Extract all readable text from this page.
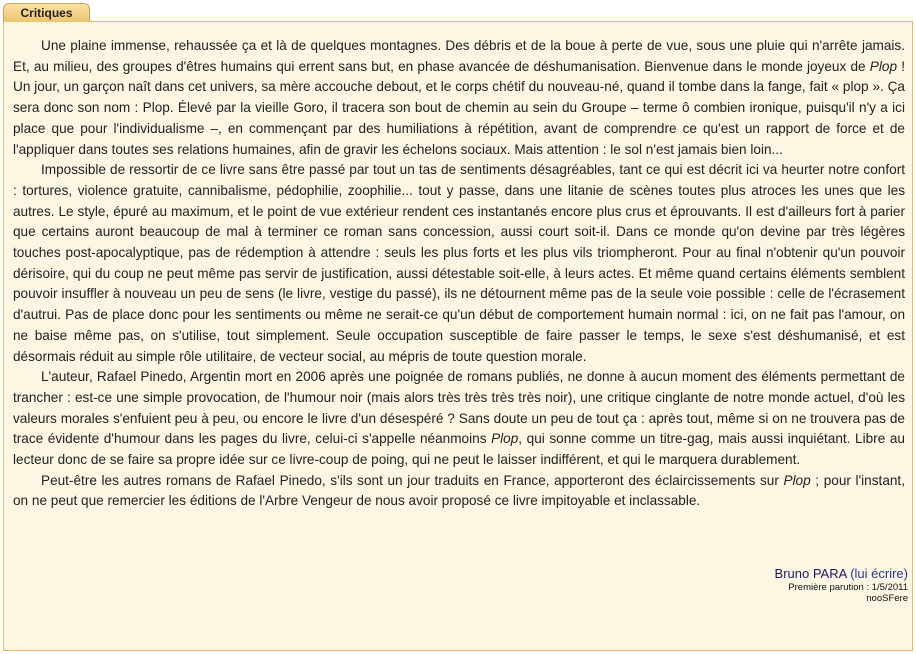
Critiques

Une plaine immense, rehaussée ça et là de quelques montagnes. Des débris et de la boue à perte de vue, sous une pluie qui n'arrête jamais. Et, au milieu, des groupes d'êtres humains qui errent sans but, en phase avancée de déshumanisation. Bienvenue dans le monde joyeux de Plop ! Un jour, un garçon naît dans cet univers, sa mère accouche debout, et le corps chétif du nouveau-né, quand il tombe dans la fange, fait « plop ». Ça sera donc son nom : Plop. Élevé par la vieille Goro, il tracera son bout de chemin au sein du Groupe – terme ô combien ironique, puisqu'il n'y a ici place que pour l'individualisme –, en commençant par des humiliations à répétition, avant de comprendre ce qu'est un rapport de force et de l'appliquer dans toutes ses relations humaines, afin de gravir les échelons sociaux. Mais attention : le sol n'est jamais bien loin...

Impossible de ressortir de ce livre sans être passé par tout un tas de sentiments désagréables, tant ce qui est décrit ici va heurter notre confort : tortures, violence gratuite, cannibalisme, pédophilie, zoophilie... tout y passe, dans une litanie de scènes toutes plus atroces les unes que les autres. Le style, épuré au maximum, et le point de vue extérieur rendent ces instantanés encore plus crus et éprouvants. Il est d'ailleurs fort à parier que certains auront beaucoup de mal à terminer ce roman sans concession, aussi court soit-il. Dans ce monde qu'on devine par très légères touches post-apocalyptique, pas de rédemption à attendre : seuls les plus forts et les plus vils triompheront. Pour au final n'obtenir qu'un pouvoir dérisoire, qui du coup ne peut même pas servir de justification, aussi détestable soit-elle, à leurs actes. Et même quand certains éléments semblent pouvoir insuffler à nouveau un peu de sens (le livre, vestige du passé), ils ne détournent même pas de la seule voie possible : celle de l'écrasement d'autrui. Pas de place donc pour les sentiments ou même ne serait-ce qu'un début de comportement humain normal : ici, on ne fait pas l'amour, on ne baise même pas, on s'utilise, tout simplement. Seule occupation susceptible de faire passer le temps, le sexe s'est déshumanisé, et est désormais réduit au simple rôle utilitaire, de vecteur social, au mépris de toute question morale.

L'auteur, Rafael Pinedo, Argentin mort en 2006 après une poignée de romans publiés, ne donne à aucun moment des éléments permettant de trancher : est-ce une simple provocation, de l'humour noir (mais alors très très très très noir), une critique cinglante de notre monde actuel, d'où les valeurs morales s'enfuient peu à peu, ou encore le livre d'un désespéré ? Sans doute un peu de tout ça : après tout, même si on ne trouvera pas de trace évidente d'humour dans les pages du livre, celui-ci s'appelle néanmoins Plop, qui sonne comme un titre-gag, mais aussi inquiétant. Libre au lecteur donc de se faire sa propre idée sur ce livre-coup de poing, qui ne peut le laisser indifférent, et qui le marquera durablement.

Peut-être les autres romans de Rafael Pinedo, s'ils sont un jour traduits en France, apporteront des éclaircissements sur Plop ; pour l'instant, on ne peut que remercier les éditions de l'Arbre Vengeur de nous avoir proposé ce livre impitoyable et inclassable.

Bruno PARA (lui écrire)
Première parution : 1/5/2011
nooSFere
